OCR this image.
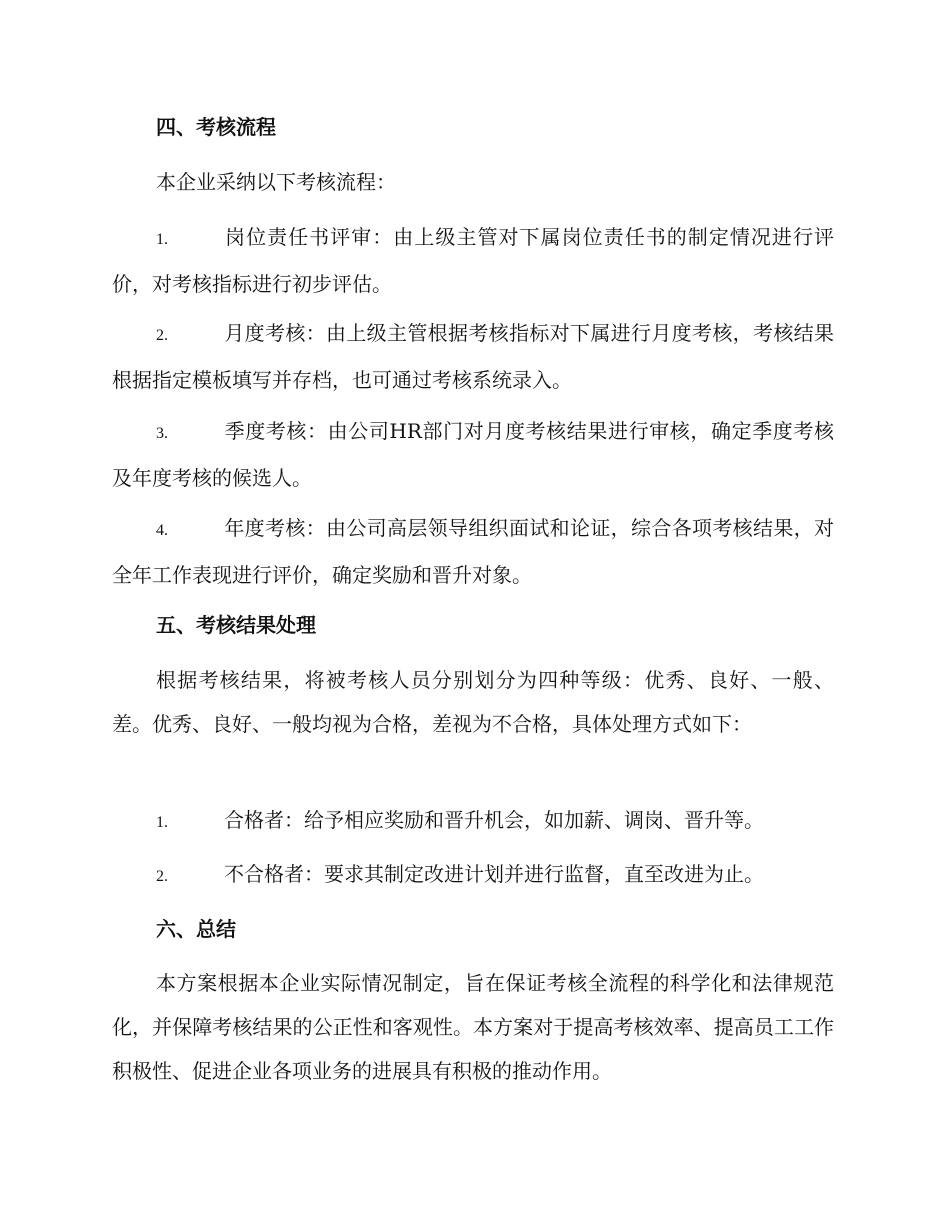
四、考核流程

本企业采纳以下考核流程：

1.	岗位责任书评审：由上级主管对下属岗位责任书的制定情况进行评价，对考核指标进行初步评估。

2.	月度考核：由上级主管根据考核指标对下属进行月度考核，考核结果根据指定模板填写并存档，也可通过考核系统录入。

3.	季度考核：由公司HR部门对月度考核结果进行审核，确定季度考核及年度考核的候选人。

4.	年度考核：由公司高层领导组织面试和论证，综合各项考核结果，对全年工作表现进行评价，确定奖励和晋升对象。

五、考核结果处理

根据考核结果，将被考核人员分别划分为四种等级：优秀、良好、一般、差。优秀、良好、一般均视为合格，差视为不合格，具体处理方式如下：

1.	合格者：给予相应奖励和晋升机会，如加薪、调岗、晋升等。

2.	不合格者：要求其制定改进计划并进行监督，直至改进为止。

六、总结

本方案根据本企业实际情况制定，旨在保证考核全流程的科学化和法律规范化，并保障考核结果的公正性和客观性。本方案对于提高考核效率、提高员工工作积极性、促进企业各项业务的进展具有积极的推动作用。
